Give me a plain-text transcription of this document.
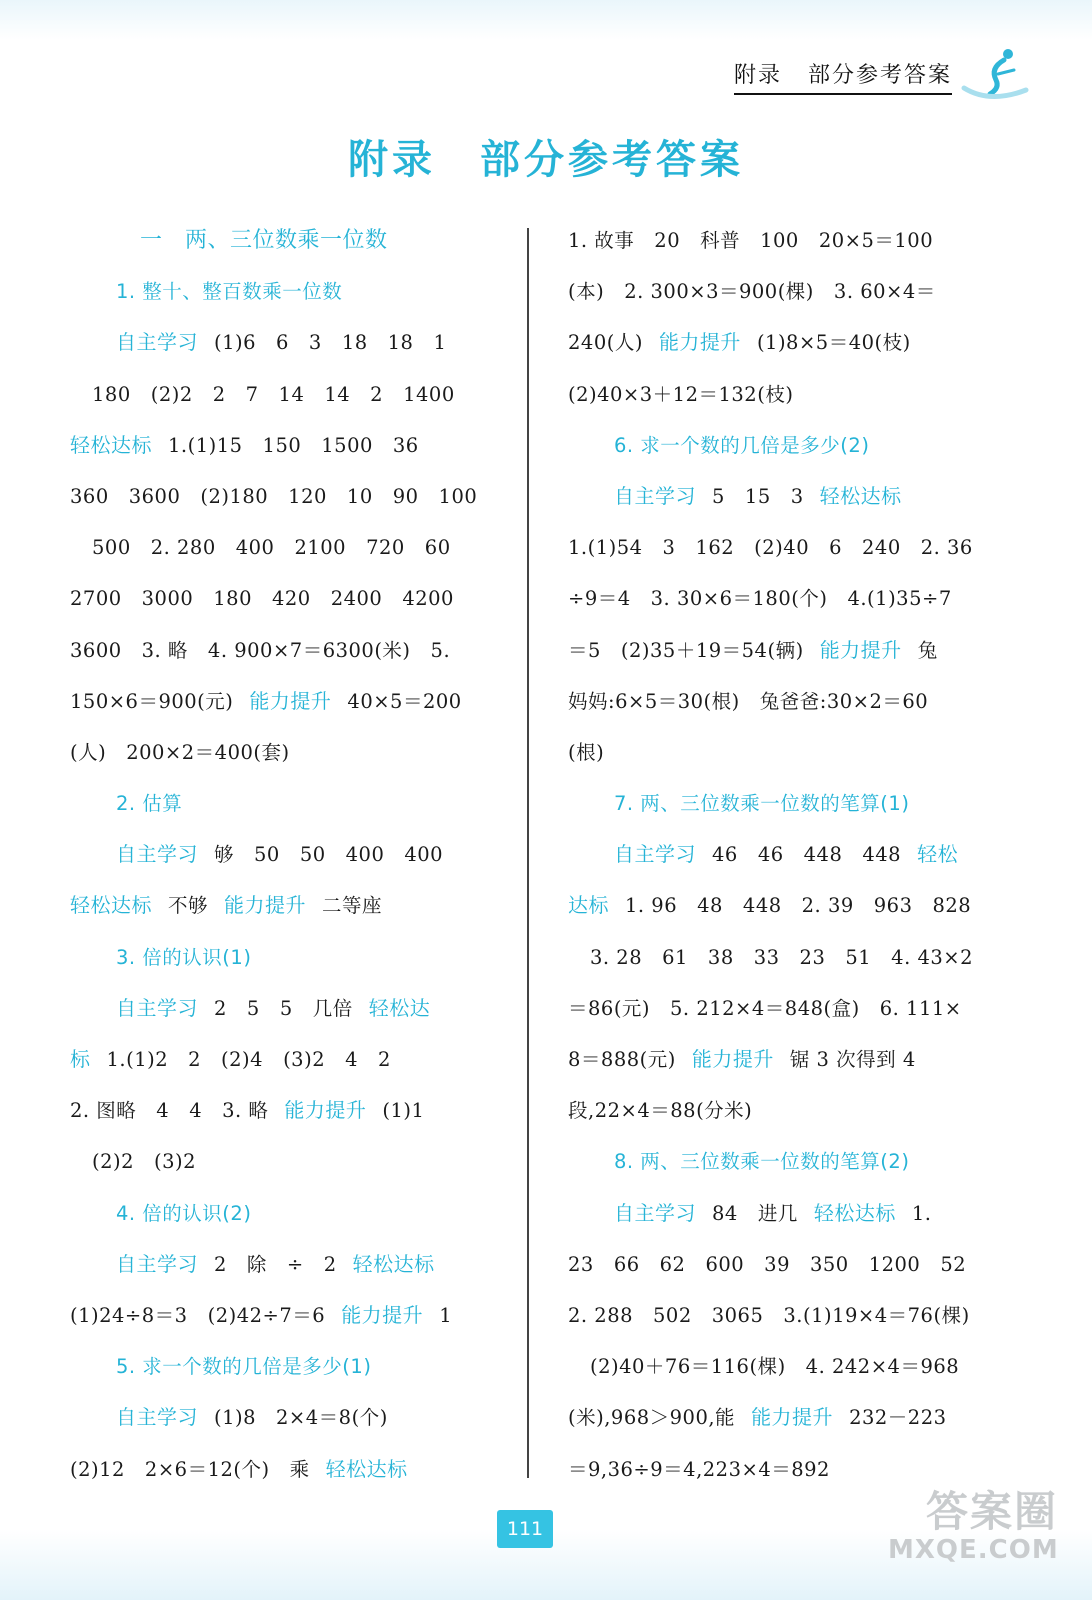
附录 部分参考答案
附录　部分参考答案
一　两、三位数乘一位数
1. 整十、整百数乘一位数
自主学习 (1)6　6　3　18　18　1
180　(2)2　2　7　14　14　2　1400
轻松达标 1.(1)15　150　1500　36
360　3600　(2)180　120　10　90　100
500　2. 280　400　2100　720　60
2700　3000　180　420　2400　4200
3600　3. 略　4. 900×7＝6300(米)　5.
150×6＝900(元) 能力提升 40×5＝200
(人)　200×2＝400(套)
2. 估算
自主学习 够　50　50　400　400
轻松达标 不够 能力提升 二等座
3. 倍的认识(1)
自主学习 2　5　5　几倍 轻松达
标 1.(1)2　2　(2)4　(3)2　4　2
2. 图略　4　4　3. 略 能力提升 (1)1
(2)2　(3)2
4. 倍的认识(2)
自主学习 2　除　÷　2 轻松达标
(1)24÷8＝3　(2)42÷7＝6 能力提升 1
5. 求一个数的几倍是多少(1)
自主学习 (1)8　2×4＝8(个)
(2)12　2×6＝12(个)　乘 轻松达标
1. 故事　20　科普　100　20×5＝100
(本)　2. 300×3＝900(棵)　3. 60×4＝
240(人) 能力提升 (1)8×5＝40(枝)
(2)40×3＋12＝132(枝)
6. 求一个数的几倍是多少(2)
自主学习 5　15　3 轻松达标
1.(1)54　3　162　(2)40　6　240　2. 36
÷9＝4　3. 30×6＝180(个)　4.(1)35÷7
＝5　(2)35＋19＝54(辆) 能力提升 兔
妈妈:6×5＝30(根)　兔爸爸:30×2＝60
(根)
7. 两、三位数乘一位数的笔算(1)
自主学习 46　46　448　448 轻松
达标 1. 96　48　448　2. 39　963　828
3. 28　61　38　33　23　51　4. 43×2
＝86(元)　5. 212×4＝848(盒)　6. 111×
8＝888(元) 能力提升 锯 3 次得到 4
段,22×4＝88(分米)
8. 两、三位数乘一位数的笔算(2)
自主学习 84　进几 轻松达标 1.
23　66　62　600　39　350　1200　52
2. 288　502　3065　3.(1)19×4＝76(棵)
(2)40＋76＝116(棵)　4. 242×4＝968
(米),968＞900,能 能力提升 232－223
＝9,36÷9＝4,223×4＝892
111	答案圈
MXQE.COM
